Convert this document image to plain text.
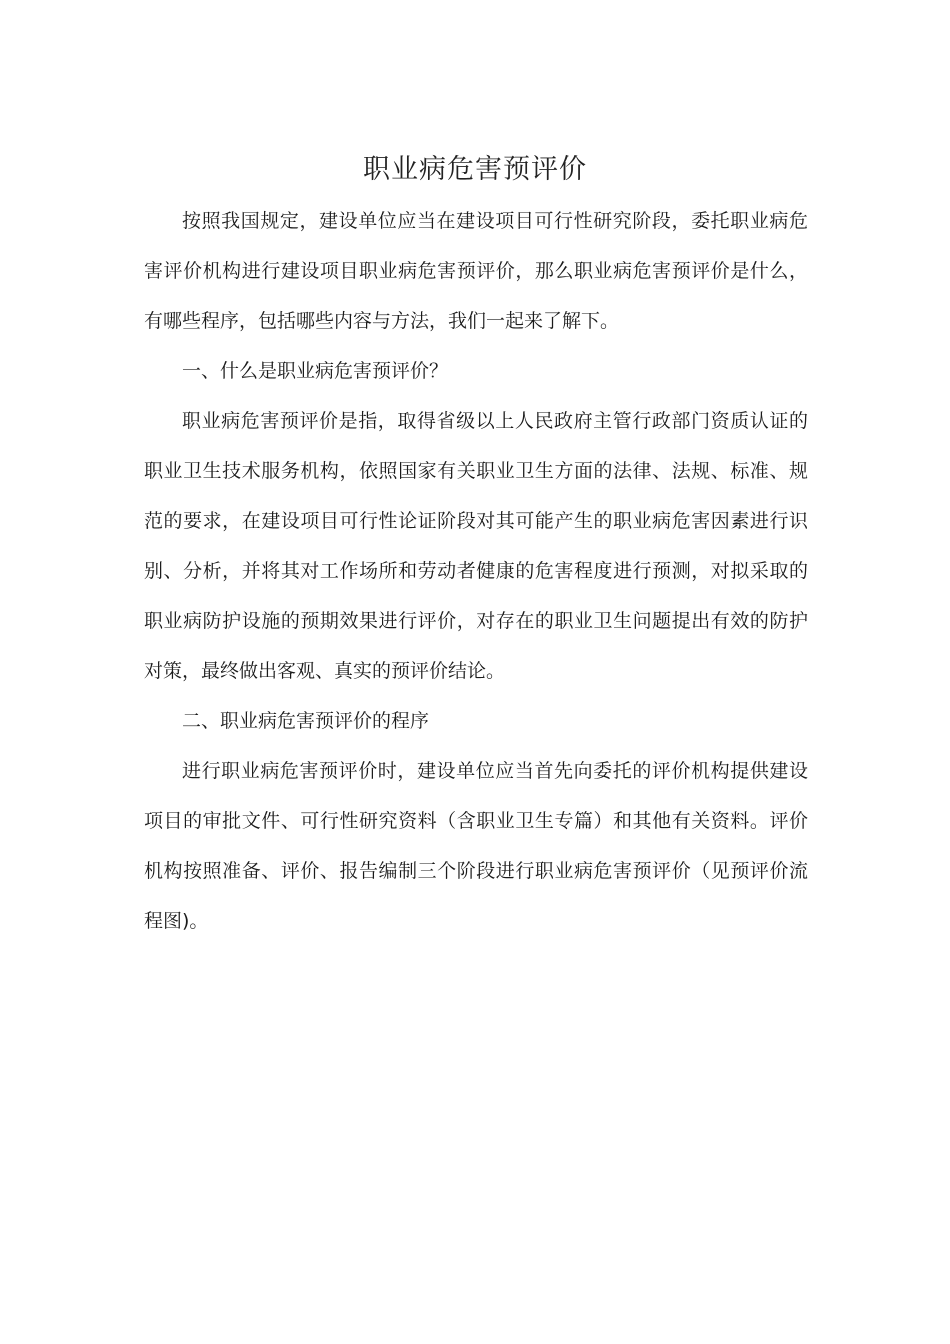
职业病危害预评价

按照我国规定，建设单位应当在建设项目可行性研究阶段，委托职业病危害评价机构进行建设项目职业病危害预评价，那么职业病危害预评价是什么，有哪些程序，包括哪些内容与方法，我们一起来了解下。

一、什么是职业病危害预评价？

职业病危害预评价是指，取得省级以上人民政府主管行政部门资质认证的职业卫生技术服务机构，依照国家有关职业卫生方面的法律、法规、标准、规范的要求，在建设项目可行性论证阶段对其可能产生的职业病危害因素进行识别、分析，并将其对工作场所和劳动者健康的危害程度进行预测，对拟采取的职业病防护设施的预期效果进行评价，对存在的职业卫生问题提出有效的防护对策，最终做出客观、真实的预评价结论。

二、职业病危害预评价的程序

进行职业病危害预评价时，建设单位应当首先向委托的评价机构提供建设项目的审批文件、可行性研究资料（含职业卫生专篇）和其他有关资料。评价机构按照准备、评价、报告编制三个阶段进行职业病危害预评价（见预评价流程图)。
